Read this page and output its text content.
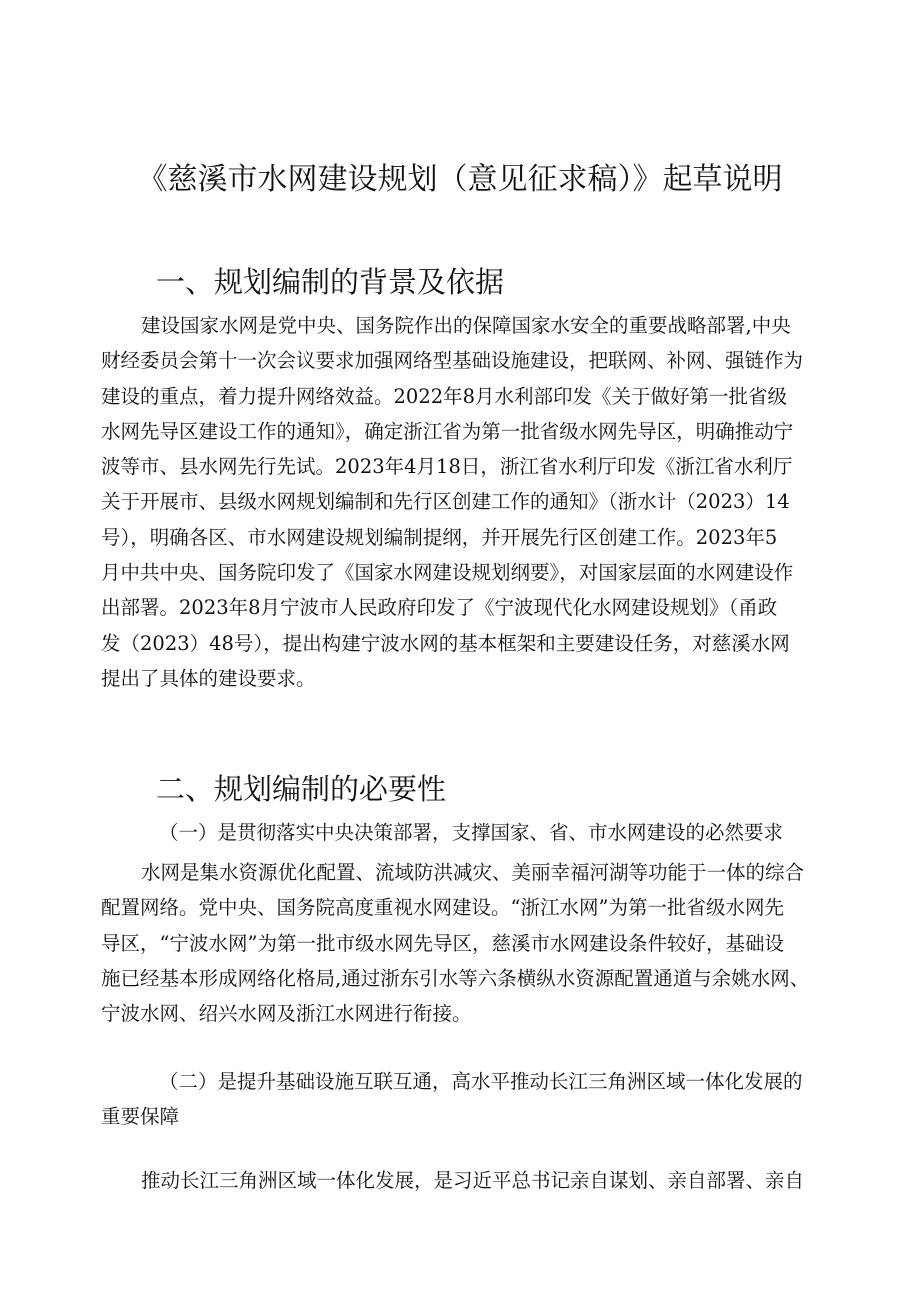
《慈溪市水网建设规划（意见征求稿）》起草说明
一、规划编制的背景及依据
建设国家水网是党中央、国务院作出的保障国家水安全的重要战略部署,中央
财经委员会第十一次会议要求加强网络型基础设施建设，把联网、补网、强链作为
建设的重点，着力提升网络效益。2022年8月水利部印发《关于做好第一批省级
水网先导区建设工作的通知》，确定浙江省为第一批省级水网先导区，明确推动宁
波等市、县水网先行先试。2023年4月18日，浙江省水利厅印发《浙江省水利厅
关于开展市、县级水网规划编制和先行区创建工作的通知》（浙水计（2023）14
号），明确各区、市水网建设规划编制提纲，并开展先行区创建工作。2023年5
月中共中央、国务院印发了《国家水网建设规划纲要》，对国家层面的水网建设作
出部署。2023年8月宁波市人民政府印发了《宁波现代化水网建设规划》（甬政
发（2023）48号），提出构建宁波水网的基本框架和主要建设任务，对慈溪水网
提出了具体的建设要求。
二、规划编制的必要性
（一）是贯彻落实中央决策部署，支撑国家、省、市水网建设的必然要求
水网是集水资源优化配置、流域防洪减灾、美丽幸福河湖等功能于一体的综合
配置网络。党中央、国务院高度重视水网建设。“浙江水网”为第一批省级水网先
导区，“宁波水网”为第一批市级水网先导区，慈溪市水网建设条件较好，基础设
施已经基本形成网络化格局,通过浙东引水等六条横纵水资源配置通道与余姚水网、
宁波水网、绍兴水网及浙江水网进行衔接。
（二）是提升基础设施互联互通，高水平推动长江三角洲区域一体化发展的
重要保障
推动长江三角洲区域一体化发展，是习近平总书记亲自谋划、亲自部署、亲自
